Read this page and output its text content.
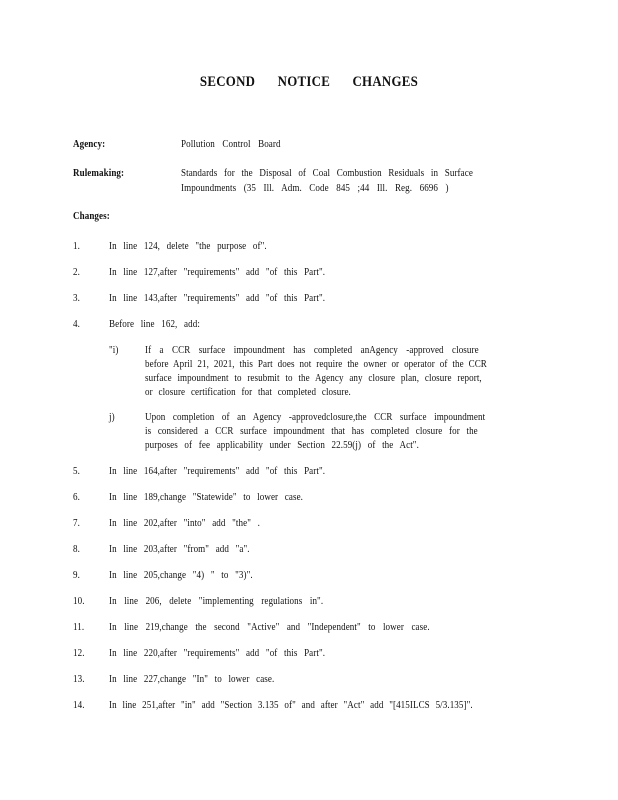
SECOND NOTICE CHANGES
Agency:	Pollution Control Board
Rulemaking:	Standards for the Disposal of Coal Combustion Residuals in Surface
Impoundments (35 Ill. Adm. Code 845 ;44 Ill. Reg. 6696 )
Changes:
1.	In line 124, delete "the purpose of".
2.	In line 127,after "requirements" add "of this Part".
3.	In line 143,after "requirements" add "of this Part".
4.	Before line 162, add:
"i)	If a CCR surface impoundment has completed anAgency -approved closure
before April 21, 2021, this Part does not require the owner or operator of the CCR
surface impoundment to resubmit to the Agency any closure plan, closure report,
or closure certification for that completed closure.
j)	Upon completion of an Agency -approvedclosure,the CCR surface impoundment
is considered a CCR surface impoundment that has completed closure for the
purposes of fee applicability under Section 22.59(j) of the Act".
5.	In line 164,after "requirements" add "of this Part".
6.	In line 189,change "Statewide" to lower case.
7.	In line 202,after "into" add "the" .
8.	In line 203,after "from" add "a".
9.	In line 205,change "4) " to "3)".
10. In line 206, delete "implementing regulations in".
11. In line 219,change the second "Active" and "Independent" to lower case.
12. In line 220,after "requirements" add "of this Part".
13. In line 227,change "In" to lower case.
14. In line 251,after "in" add "Section 3.135 of" and after "Act" add "[415ILCS 5/3.135]".
